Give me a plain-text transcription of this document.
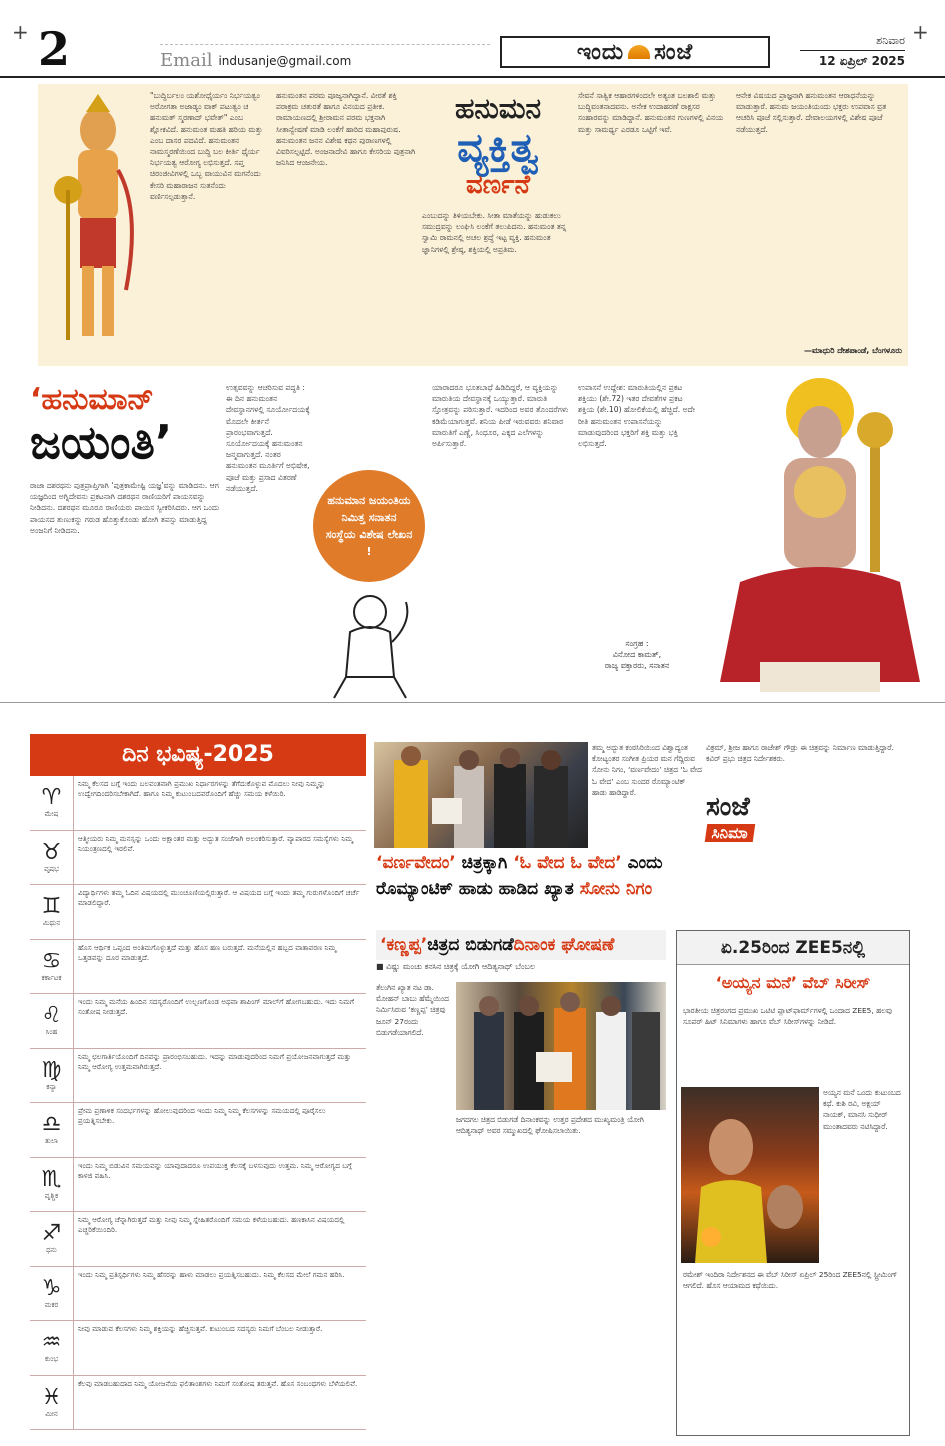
+	+
2	Email indusanje@gmail.com	ಇಂದು ಸಂಜೆ	ಶನಿವಾರ
12 ಏಪ್ರಿಲ್ 2025
"ಬುದ್ಧಿರ್ಬಲಂ ಯಶೋಧೈರ್ಯಂ ನಿರ್ಭಯತ್ವಂ ಅರೋಗತಾ ಅಜಾಡ್ಯಂ ವಾಕ್ ಪಟುತ್ವಂ ಚ ಹನುಮತ್ ಸ್ಮರಣಾದ್ ಭವೇತ್" ಎಂಬ ಶ್ಲೋಕವಿದೆ. ಹನುಮಂತ ಮಹತಿ ಹರಿಯ ಮತ್ತು ಎಂಬ ದಾಸರ ಪದವಿದೆ. ಹನುಮಂತನ ನಾಮಸ್ಮರಣೆಯಿಂದ ಬುದ್ಧಿ ಬಲ ಕೀರ್ತಿ ಧೈರ್ಯ ನಿರ್ಭಯತ್ವ ಆರೋಗ್ಯ ಲಭಿಸುತ್ತದೆ. ಸಪ್ತ ಚಿರಂಜೀವಿಗಳಲ್ಲಿ ಒಬ್ಬ ವಾಯುವಿನ ಮಗನೆಂದು ಕೇಸರಿ ಮಹಾರಾಜನ ಸುತನೆಂದು ವರ್ಣಿಸಲ್ಪಡುತ್ತಾನೆ.
ಹನುಮಂತನ ಪರಮ ಪೂಜ್ಯನಾಗಿದ್ದಾನೆ. ವೀರತೆ ಶಕ್ತಿ ಪರಾಕ್ರಮ ಚತುರತೆ ಹಾಗೂ ವಿನಯದ ಪ್ರತೀಕ. ರಾಮಾಯಣದಲ್ಲಿ ಶ್ರೀರಾಮನ ಪರಮ ಭಕ್ತನಾಗಿ ಸೀತಾನ್ವೇಷಣೆ ಮಾಡಿ ಲಂಕೆಗೆ ಹಾರಿದ ಮಹಾಪುರುಷ. ಹನುಮಂತನ ಜನನ ವಿಶೇಷ ಕಥನ ಪುರಾಣಗಳಲ್ಲಿ ವಿವರಿಸಲ್ಪಟ್ಟಿದೆ. ಅಂಜನಾದೇವಿ ಹಾಗೂ ಕೇಸರಿಯ ಪುತ್ರನಾಗಿ ಜನಿಸಿದ ಆಂಜನೇಯ.
ಹನುಮನ
ವ್ಯಕ್ತಿತ್ವ
ವರ್ಣನೆ
ಎಂಬುದನ್ನು ತಿಳಿಯಬೇಕು. ಸೀತಾ ಮಾತೆಯನ್ನು ಹುಡುಕಲು ಸಮುದ್ರವನ್ನು ಲಂಘಿಸಿ ಲಂಕೆಗೆ ತಲುಪಿದನು. ಹನುಮಂತ ತನ್ನ ಸ್ವಾಮಿ ರಾಮನಲ್ಲಿ ಅಚಲ ಶ್ರದ್ಧೆ ಇಟ್ಟ ವ್ಯಕ್ತಿ. ಹನುಮಂತ ಜ್ಞಾನಿಗಳಲ್ಲಿ ಶ್ರೇಷ್ಠ, ಶಕ್ತಿಯಲ್ಲಿ ಅಪ್ರತಿಮ.
ಸೇವನೆ ಸಾತ್ವಿಕ ಆಹಾರಗಳಿಂದಲೇ ಅತ್ಯಂತ ಬಲಶಾಲಿ ಮತ್ತು ಬುದ್ಧಿವಂತನಾದವನು. ಅನೇಕ ಉದಾಹರಣೆ ರಾಕ್ಷಸರ ಸಂಹಾರವನ್ನು ಮಾಡಿದ್ದಾನೆ. ಹನುಮಂತನ ಗುಣಗಳಲ್ಲಿ ವಿನಯ ಮತ್ತು ಸಾಮರ್ಥ್ಯ ಎರಡೂ ಒಟ್ಟಿಗೆ ಇವೆ.
ಆನೇಕ ವಿಷಯದ ಪ್ರಾಜ್ಞನಾಗಿ ಹನುಮಂತನ ಆರಾಧನೆಯನ್ನು ಮಾಡುತ್ತಾರೆ. ಹನುಮ ಜಯಂತಿಯಂದು ಭಕ್ತರು ಉಪವಾಸ ವ್ರತ ಆಚರಿಸಿ ಪೂಜೆ ಸಲ್ಲಿಸುತ್ತಾರೆ. ದೇವಾಲಯಗಳಲ್ಲಿ ವಿಶೇಷ ಪೂಜೆ ನಡೆಯುತ್ತದೆ.
—ಮಾಧುರಿ ದೇಶಪಾಂಡೆ, ಬೆಂಗಳೂರು
‘ಹನುಮಾನ್
ಜಯಂತಿ’
ರಾಜಾ ದಶರಥನು ಪುತ್ರಪ್ರಾಪ್ತಿಗಾಗಿ ‘ಪುತ್ರಕಾಮೇಷ್ಟಿ ಯಜ್ಞ’ವನ್ನು ಮಾಡಿದನು. ಆಗ ಯಜ್ಞದಿಂದ ಅಗ್ನಿದೇವನು ಪ್ರಕಟನಾಗಿ ದಶರಥನ ರಾಣಿಯರಿಗೆ ಪಾಯಸವನ್ನು ನೀಡಿದನು. ದಶರಥನ ಮೂರೂ ರಾಣಿಯರು ಪಾಯಸ ಸ್ವೀಕರಿಸಿದರು. ಆಗ ಒಂದು ಪಾಯಸದ ತುಣುಕನ್ನು ಗರುಡ ಹೊತ್ತುಕೊಂಡು ಹೋಗಿ ತಪಸ್ಸು ಮಾಡುತ್ತಿದ್ದ ಅಂಜನಿಗೆ ನೀಡಿದನು.
ಉತ್ಸವವನ್ನು ಆಚರಿಸುವ ಪದ್ಧತಿ : ಈ ದಿನ ಹನುಮಂತನ ದೇವಸ್ಥಾನಗಳಲ್ಲಿ ಸೂರ್ಯೋದಯಕ್ಕೆ ಮೊದಲೇ ಕೀರ್ತನೆ ಪ್ರಾರಂಭವಾಗುತ್ತದೆ. ಸೂರ್ಯೋದಯಕ್ಕೆ ಹನುಮಂತನ ಜನ್ಮವಾಗುತ್ತದೆ. ನಂತರ ಹನುಮಂತನ ಮೂರ್ತಿಗೆ ಅಭಿಷೇಕ, ಪೂಜೆ ಮತ್ತು ಪ್ರಸಾದ ವಿತರಣೆ ನಡೆಯುತ್ತದೆ.
ಹನುಮಾನ ಜಯಂತಿಯ ನಿಮಿತ್ತ ಸನಾತನ ಸಂಸ್ಥೆಯ ವಿಶೇಷ ಲೇಖನ !
ಯಾರಾದರೂ ಭೂತಬಾಧೆ ಹಿಡಿದಿದ್ದರೆ, ಆ ವ್ಯಕ್ತಿಯನ್ನು ಮಾರುತಿಯ ದೇವಸ್ಥಾನಕ್ಕೆ ಒಯ್ಯುತ್ತಾರೆ. ಮಾರುತಿ ಸ್ತೋತ್ರವನ್ನು ಪಠಿಸುತ್ತಾರೆ. ಇದರಿಂದ ಅವರ ತೊಂದರೆಗಳು ಕಡಿಮೆಯಾಗುತ್ತವೆ. ಶನಿಯ ಪೀಡೆ ಇರುವವರು ಶನಿವಾರ ಮಾರುತಿಗೆ ಎಣ್ಣೆ, ಸಿಂಧೂರ, ಎಕ್ಕದ ಎಲೆಗಳನ್ನು ಅರ್ಪಿಸುತ್ತಾರೆ.
ಉಪಾಸನೆ ಉದ್ದೇಶ: ಮಾರುತಿಯಲ್ಲಿನ ಪ್ರಕಟ ಶಕ್ತಿಯು (ಶೇ.72) ಇತರ ದೇವತೆಗಳ ಪ್ರಕಟ ಶಕ್ತಿಯ (ಶೇ.10) ಹೋಲಿಕೆಯಲ್ಲಿ ಹೆಚ್ಚಿದೆ. ಅದೇ ರೀತಿ ಹನುಮಂತನ ಉಪಾಸನೆಯನ್ನು ಮಾಡುವುದರಿಂದ ಭಕ್ತರಿಗೆ ಶಕ್ತಿ ಮತ್ತು ಭಕ್ತಿ ಲಭಿಸುತ್ತದೆ.
ಸಂಗ್ರಹ :
ವಿನೋದ ಕಾಮತ್,
ರಾಜ್ಯ ವಕ್ತಾರರು, ಸನಾತನ
ದಿನ ಭವಿಷ್ಯ-2025
♈
ಮೇಷ
ನಿಮ್ಮ ಕೆಲಸದ ಬಗ್ಗೆ ಇಂದು ಬಲವಂತವಾಗಿ ಪ್ರಮುಖ ನಿರ್ಧಾರಗಳನ್ನು ತೆಗೆದುಕೊಳ್ಳುವ ಮೊದಲು ನೀವು ನಿಮ್ಮನ್ನು ಉದ್ವೇಗದಿಂದರಿಸಬೇಕಾಗಿದೆ. ಹಾಗೂ ನಿಮ್ಮ ಕುಟುಂಬದವರೊಂದಿಗೆ ಹೆಚ್ಚು ಸಮಯ ಕಳೆಯಿರಿ.
♉
ವೃಷಭ
ಆತ್ಮೀಯರು ನಿಮ್ಮ ಮನಸ್ಸನ್ನು ಒಂದು ಅಕ್ಷಾಂತರ ಮತ್ತು ಅದ್ಭುತ ಸಂಜೆಗಾಗಿ ಅಲಂಕರಿಸುತ್ತಾರೆ. ವ್ಯಾಪಾರದ ಸಮಸ್ಯೆಗಳು ನಿಮ್ಮ ನಿಯಂತ್ರಣದಲ್ಲಿ ಇರಲಿವೆ.
♊
ಮಿಥುನ
ವಿದ್ಯಾರ್ಥಿಗಳು ತಮ್ಮ ಓದಿನ ವಿಷಯದಲ್ಲಿ ಮುಂಚೂಣಿಯಲ್ಲಿರುತ್ತಾರೆ. ಆ ವಿಷಯದ ಬಗ್ಗೆ ಇಂದು ತಮ್ಮ ಗುರುಗಳೊಂದಿಗೆ ಚರ್ಚೆ ಮಾಡಲಿದ್ದಾರೆ.
♋
ಕರ್ಕಾಟಕ
ಹೊಸ ಆರ್ಥಿಕ ಒಪ್ಪಂದ ಅಂತಿಮಗೊಳ್ಳುತ್ತದೆ ಮತ್ತು ಹೊಸ ಹಣ ಬರುತ್ತದೆ. ಮನೆಯಲ್ಲಿನ ಹಬ್ಬದ ವಾತಾವರಣ ನಿಮ್ಮ ಒತ್ತಡವನ್ನು ದೂರ ಮಾಡುತ್ತದೆ.
♌
ಸಿಂಹ
ಇಂದು ನಿಮ್ಮ ಮನೆಯ ಹಿಂದಿನ ಸದಸ್ಯರೊಂದಿಗೆ ಉಲ್ಬಣಗೊಂಡ ಅಥವಾ ಶಾಪಿಂಗ್ ಮಾಲ್‌ಗೆ ಹೋಗಬಹುದು. ಇದು ನಿಮಗೆ ಸಂತೋಷ ನೀಡುತ್ತದೆ.
♍
ಕನ್ಯಾ
ನಿಮ್ಮ ಛಲಗಾರ್ತಿಯೊಂದಿಗೆ ದಿನವನ್ನು ಪ್ರಾರಂಭಿಸಬಹುದು. ಇದನ್ನು ಮಾಡುವುದರಿಂದ ನಿಮಗೆ ಪ್ರಯೋಜನವಾಗುತ್ತದೆ ಮತ್ತು ನಿಮ್ಮ ಆರೋಗ್ಯ ಉತ್ತಮವಾಗಿರುತ್ತದೆ.
♎
ತುಲಾ
ಪ್ರೇಮ ಪ್ರಣಾಳಿಕ ಸಂದರ್ಭಗಳನ್ನು ಹೋಲುವುದರಿಂದ ಇಂದು ನಿಮ್ಮ ನಿಮ್ಮ ಕೆಲಸಗಳನ್ನು ಸಮಯದಲ್ಲಿ ಪೂರೈಸಲು ಪ್ರಯತ್ನಿಸಬೇಕು.
♏
ವೃಶ್ಚಿಕ
ಇಂದು ನಿಮ್ಮ ಬಿಡುವಿನ ಸಮಯವನ್ನು ಯಾವುದಾದರೂ ಉಪಯುಕ್ತ ಕೆಲಸಕ್ಕೆ ಬಳಸುವುದು ಉತ್ತಮ. ನಿಮ್ಮ ಆರೋಗ್ಯದ ಬಗ್ಗೆ ಕಾಳಜಿ ವಹಿಸಿ.
♐
ಧನು
ನಿಮ್ಮ ಆರೋಗ್ಯ ಚೆನ್ನಾಗಿರುತ್ತದೆ ಮತ್ತು ನೀವು ನಿಮ್ಮ ಸ್ನೇಹಿತರೊಂದಿಗೆ ಸಮಯ ಕಳೆಯಬಹುದು. ಹಣಕಾಸಿನ ವಿಷಯದಲ್ಲಿ ಎಚ್ಚರಿಕೆಯಿಂದಿರಿ.
♑
ಮಕರ
ಇಂದು ನಿಮ್ಮ ಪ್ರತಿಸ್ಪರ್ಧಿಗಳು ನಿಮ್ಮ ಹೆಸರನ್ನು ಹಾಳು ಮಾಡಲು ಪ್ರಯತ್ನಿಸಬಹುದು. ನಿಮ್ಮ ಕೆಲಸದ ಮೇಲೆ ಗಮನ ಹರಿಸಿ.
♒
ಕುಂಭ
ನೀವು ಮಾಡುವ ಕೆಲಸಗಳು ನಿಮ್ಮ ಶಕ್ತಿಯನ್ನು ಹೆಚ್ಚಿಸುತ್ತವೆ. ಕುಟುಂಬದ ಸದಸ್ಯರು ನಿಮಗೆ ಬೆಂಬಲ ನೀಡುತ್ತಾರೆ.
♓
ಮೀನ
ಕೆಲವು ಮಾಡಬಹುದಾದ ನಿಮ್ಮ ಯೋಜನೆಯ ಫಲಿತಾಂಶಗಳು ನಿಮಗೆ ಸಂತೋಷ ತರುತ್ತವೆ. ಹೊಸ ಸಂಬಂಧಗಳು ಬೆಳೆಯಲಿವೆ.
‘ವರ್ಣವೇದಂ’ ಚಿತ್ರಕ್ಕಾಗಿ ‘ಓ ವೇದ ಓ ವೇದ’ ಎಂದು ರೊಮ್ಯಾಂಟಿಕ್ ಹಾಡು ಹಾಡಿದ ಖ್ಯಾತ ಸೋನು ನಿಗಂ
ತಮ್ಮ ಅದ್ಭುತ ಕಂಠಸಿರಿಯಿಂದ ವಿಶ್ವಾದ್ಯಂತ ಕೋಟ್ಯಂತರ ಸಂಗೀತ ಪ್ರಿಯರ ಮನ ಗೆದ್ದಿರುವ ಸೋನು ನಿಗಂ, ‘ವರ್ಣವೇದಂ’ ಚಿತ್ರದ ‘ಓ ವೇದ ಓ ವೇದ’ ಎಂಬ ಸುಂದರ ರೊಮ್ಯಾಂಟಿಕ್ ಹಾಡು ಹಾಡಿದ್ದಾರೆ.	ಸಂಜೆ
ಸಿನಿಮಾ
ವಿಕ್ರಮ್, ಶ್ರೀಜ ಹಾಗೂ ರಾಜೇಶ್ ಗೌಡ್ರು ಈ ಚಿತ್ರವನ್ನು ನಿರ್ಮಾಣ ಮಾಡುತ್ತಿದ್ದಾರೆ. ಕವಿರ್ ಪ್ರಭು ಚಿತ್ರದ ನಿರ್ದೇಶಕರು.
‘ಕಣ್ಣಪ್ಪ’ ಚಿತ್ರದ ಬಿಡುಗಡೆ ದಿನಾಂಕ ಘೋಷಣೆ
■ ವಿಷ್ಣು ಮಂಚು ಕನಸಿನ ಚಿತ್ರಕ್ಕೆ ಯೋಗಿ ಆದಿತ್ಯನಾಥ್ ಬೆಂಬಲ
ತೆಲುಗಿನ ಖ್ಯಾತ ನಟ ಡಾ. ಮೋಹನ್ ಬಾಬು ಹೆಮ್ಮೆಯಿಂದ ನಿರ್ಮಿಸಿರುವ ‘ಕಣ್ಣಪ್ಪ’ ಚಿತ್ರವು ಜೂನ್ 27ರಂದು ಬಿಡುಗಡೆಯಾಗಲಿದೆ.
ಜಗದಗಲ ಚಿತ್ರದ ಬಿಡುಗಡೆ ದಿನಾಂಕವನ್ನು ಉತ್ತರ ಪ್ರದೇಶದ ಮುಖ್ಯಮಂತ್ರಿ ಯೋಗಿ ಆದಿತ್ಯನಾಥ್ ಅವರ ಸಮ್ಮುಖದಲ್ಲಿ ಘೋಷಿಸಲಾಯಿತು.
ಏ.25ರಿಂದ ZEE5ನಲ್ಲಿ
‘ಅಯ್ಯನ ಮನೆ’ ವೆಬ್ ಸಿರೀಸ್
ಭಾರತೀಯ ಚಿತ್ರರಂಗದ ಪ್ರಮುಖ ಒಟಿಟಿ ಪ್ಲಾಟ್‌ಫಾರ್ಮ್‌ಗಳಲ್ಲಿ ಒಂದಾದ ZEE5, ಹಲವು ಸೂಪರ್ ಹಿಟ್ ಸಿನಿಮಾಗಳು ಹಾಗೂ ವೆಬ್ ಸಿರೀಸ್‌ಗಳನ್ನು ನೀಡಿದೆ.
ಅಯ್ಯನ ಮನೆ ಒಂದು ಕುಟುಂಬದ ಕಥೆ. ಕುಶಿ ರವಿ, ಅಕ್ಷಯ್ ನಾಯಕ್, ಮಾನಸಿ ಸುಧೀರ್ ಮುಂತಾದವರು ನಟಿಸಿದ್ದಾರೆ.
ರಮೇಶ್ ಇಂದಿರಾ ನಿರ್ದೇಶನದ ಈ ವೆಬ್ ಸಿರೀಸ್ ಏಪ್ರಿಲ್ 25ರಿಂದ ZEE5ನಲ್ಲಿ ಸ್ಟ್ರೀಮಿಂಗ್ ಆಗಲಿದೆ. ಹೊಸ ಆಯಾಮದ ಕಥೆಯಿದು.
